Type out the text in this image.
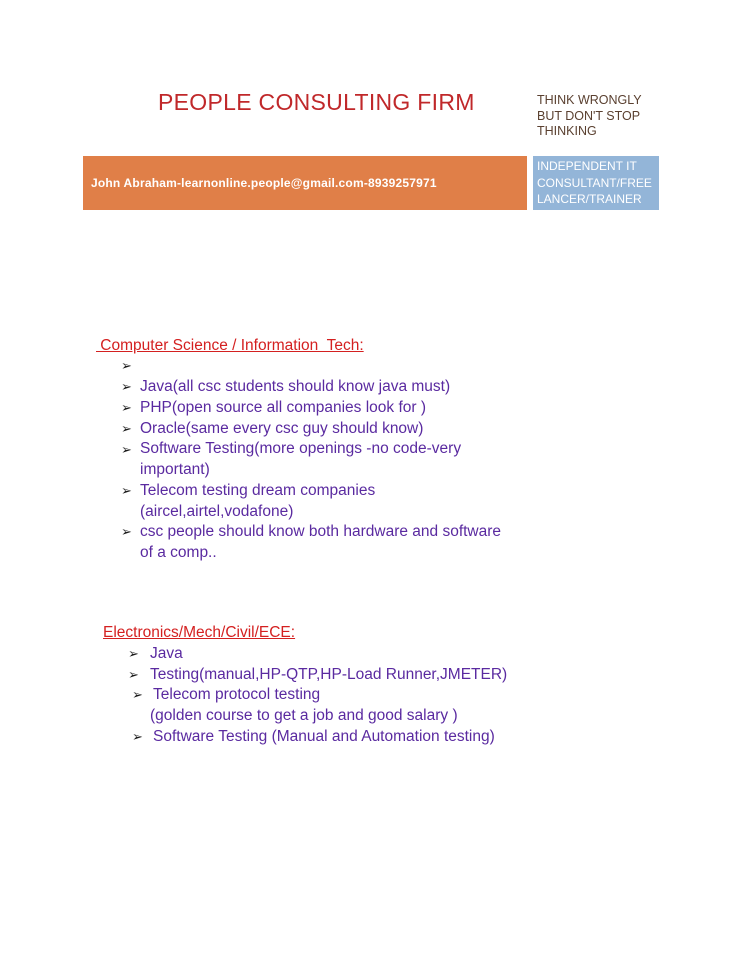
PEOPLE CONSULTING FIRM	THINK WRONGLY
BUT DON'T STOP
THINKING
John Abraham-learnonline.people@gmail.com-8939257971
INDEPENDENT IT
CONSULTANT/FREE
LANCER/TRAINER
Computer Science / Information  Tech:
➢
➢ Java(all csc students should know java must)
➢ PHP(open source all companies look for )
➢ Oracle(same every csc guy should know)
➢ Software Testing(more openings -no code-very
important)
➢ Telecom testing dream companies
(aircel,airtel,vodafone)
➢ csc people should know both hardware and software
of a comp..
Electronics/Mech/Civil/ECE:
➢ Java
➢ Testing(manual,HP-QTP,HP-Load Runner,JMETER)
➢ Telecom protocol testing
(golden course to get a job and good salary )
➢ Software Testing (Manual and Automation testing)
